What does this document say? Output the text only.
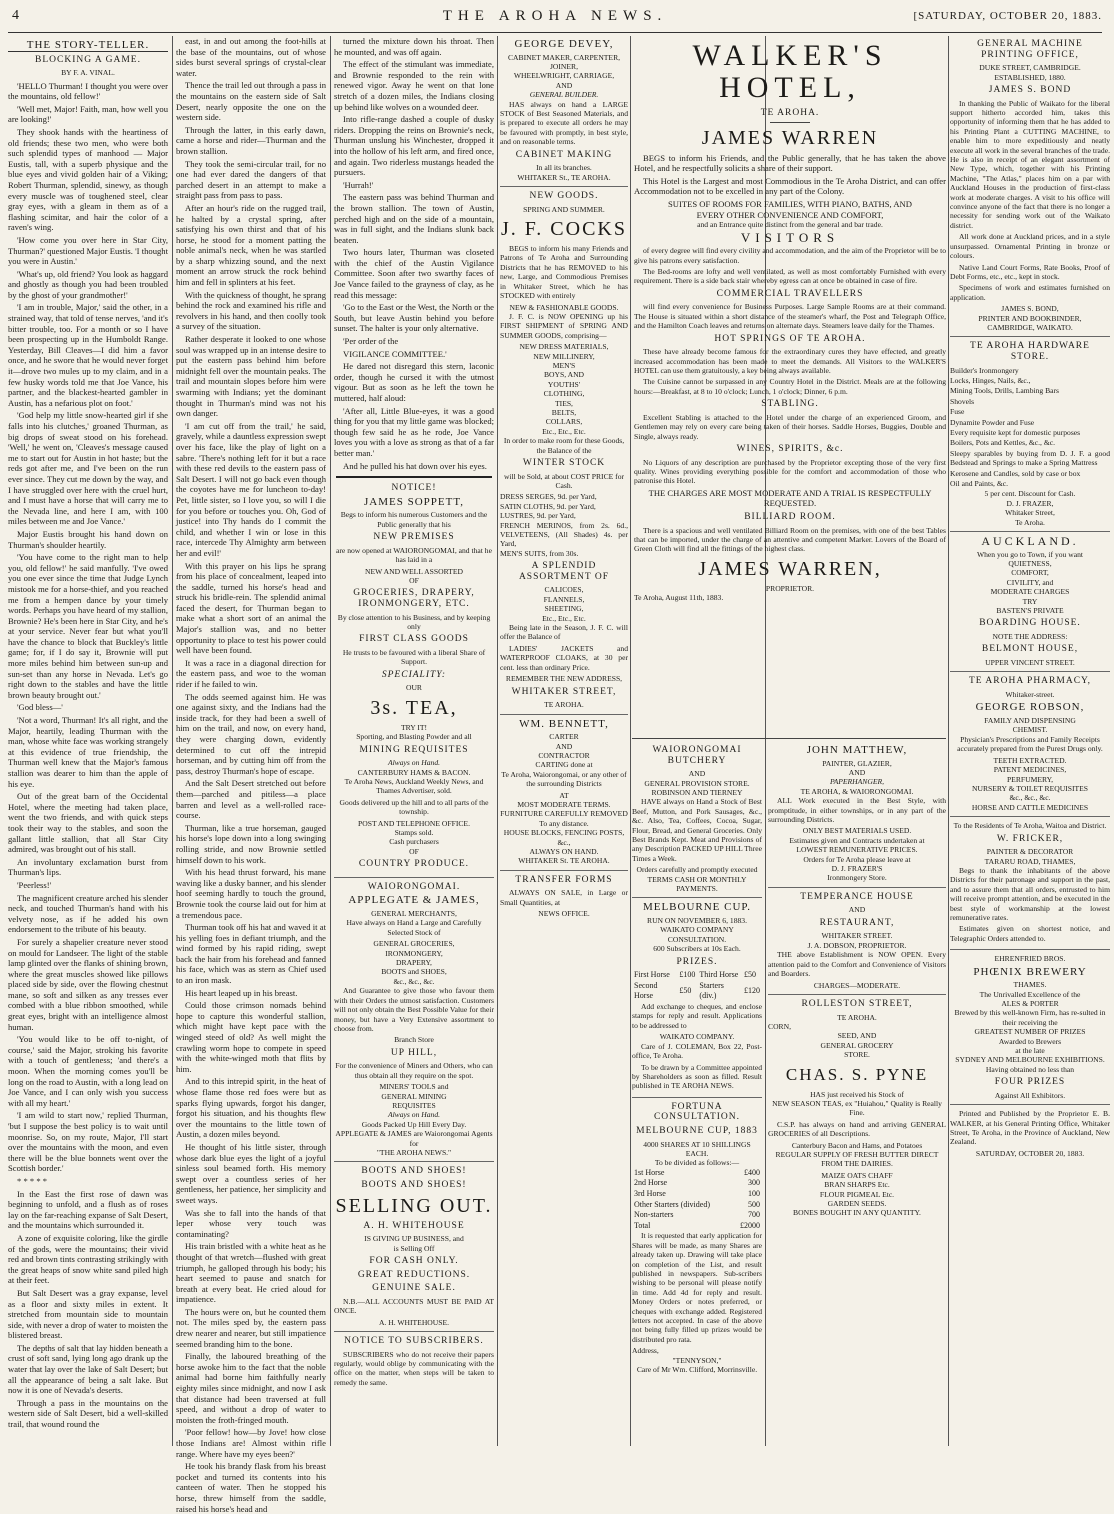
4	THE AROHA NEWS.	[SATURDAY, OCTOBER 20, 1883.
THE STORY-TELLER.
BLOCKING A GAME.
BY F. A. VINAL.

'HELLO Thurman! I thought you were over the mountains, old fellow!'

'Well met, Major! Faith, man, how well you are looking!'

They shook hands with the heartiness of old friends; these two men, who were both such splendid types of manhood — Major Eustis, tall, with a superb physique and the blue eyes and vivid golden hair of a Viking; Robert Thurman, splendid, sinewy, as though every muscle was of toughened steel, clear gray eyes, with a gleam in them as of a flashing scimitar, and hair the color of a raven's wing.

'How come you over here in Star City, Thurman?' questioned Major Eustis. 'I thought you were in Austin.'

'What's up, old friend? You look as haggard and ghostly as though you had been troubled by the ghost of your grandmother!'

'I am in trouble, Major,' said the other, in a strained way, that told of tense nerves, 'and it's bitter trouble, too. For a month or so I have been prospecting up in the Humboldt Range. Yesterday, Bill Cleaves—I did him a favor once, and he swore that he would never forget it—drove two mules up to my claim, and in a few husky words told me that Joe Vance, his partner, and the blackest-hearted gambler in Austin, has a nefarious plot on foot.'

'God help my little snow-hearted girl if she falls into his clutches,' groaned Thurman, as big drops of sweat stood on his forehead. 'Well,' he went on, 'Cleaves's message caused me to start out for Austin in hot haste; but the reds got after me, and I've been on the run ever since. They cut me down by the way, and I have struggled over here with the cruel hurt, and I must have a horse that will carry me to the Nevada line, and here I am, with 100 miles between me and Joe Vance.'

Major Eustis brought his hand down on Thurman's shoulder heartily.

'You have come to the right man to help you, old fellow!' he said manfully. 'I've owed you one ever since the time that Judge Lynch mistook me for a horse-thief, and you reached me from a hempen dance by your timely words. Perhaps you have heard of my stallion, Brownie? He's been here in Star City, and he's at your service. Never fear but what you'll have the chance to block that Buckley's little game; for, if I do say it, Brownie will put more miles behind him between sun-up and sun-set than any horse in Nevada. Let's go right down to the stables and have the little brown beauty brought out.'

'God bless—'

'Not a word, Thurman! It's all right, and the Major, heartily, leading Thurman with the man, whose white face was working strangely at this evidence of true friendship, the Thurman well knew that the Major's famous stallion was dearer to him than the apple of his eye.

Out of the great barn of the Occidental Hotel, where the meeting had taken place, went the two friends, and with quick steps took their way to the stables, and soon the gallant little stallion, that all Star City admired, was brought out of his stall.

An involuntary exclamation burst from Thurman's lips.

'Peerless!'

The magnificent creature arched his slender neck, and touched Thurman's hand with his velvety nose, as if he added his own endorsement to the tribute of his beauty.

For surely a shapelier creature never stood on mould for Landseer. The light of the stable lamp glinted over the flanks of shining brown, where the great muscles showed like pillows placed side by side, over the flowing chestnut mane, so soft and silken as any tresses ever combed with a blue ribbon smoothed, while great eyes, bright with an intelligence almost human.

'You would like to be off to-night, of course,' said the Major, stroking his favorite with a touch of gentleness; 'and there's a moon. When the morning comes you'll be long on the road to Austin, with a long lead on Joe Vance, and I can only wish you success with all my heart.'

'I am wild to start now,' replied Thurman, 'but I suppose the best policy is to wait until moonrise. So, on my route, Major, I'll start over the mountains with the moon, and even there will be the blue bonnets went over the Scottish border.'

* * * * *

In the East the first rose of dawn was beginning to unfold, and a flush as of roses lay on the far-reaching expanse of Salt Desert, and the mountains which surrounded it.

A zone of exquisite coloring, like the girdle of the gods, were the mountains; their vivid red and brown tints contrasting strikingly with the great heaps of snow white sand piled high at their feet.

But Salt Desert was a gray expanse, level as a floor and sixty miles in extent. It stretched from mountain side to mountain side, with never a drop of water to moisten the blistered breast.

The depths of salt that lay hidden beneath a crust of soft sand, lying long ago drank up the water that lay over the lake of Salt Desert; but all the appearance of being a salt lake. But now it is one of Nevada's deserts.

Through a pass in the mountains on the western side of Salt Desert, bid a well-skilled trail, that wound round the

east, in and out among the foot-hills at the base of the mountains, out of whose sides burst several springs of crystal-clear water.

Thence the trail led out through a pass in the mountains on the eastern side of Salt Desert, nearly opposite the one on the western side.

Through the latter, in this early dawn, came a horse and rider—Thurman and the brown stallion.

They took the semi-circular trail, for no one had ever dared the dangers of that parched desert in an attempt to make a straight pass from pass to pass.

After an hour's ride on the rugged trail, he halted by a crystal spring, after satisfying his own thirst and that of his horse, he stood for a moment patting the noble animal's neck, when he was startled by a sharp whizzing sound, and the next moment an arrow struck the rock behind him and fell in splinters at his feet.

With the quickness of thought, he sprang behind the rock and examined his rifle and revolvers in his hand, and then coolly took a survey of the situation.

Rather desperate it looked to one whose soul was wrapped up in an intense desire to put the eastern pass behind him before midnight fell over the mountain peaks. The trail and mountain slopes before him were swarming with Indians; yet the dominant thought in Thurman's mind was not his own danger.

'I am cut off from the trail,' he said, gravely, while a dauntless expression swept over his face, like the play of light on a sabre. 'There's nothing left for it but a race with these red devils to the eastern pass of Salt Desert. I will not go back even though the coyotes have me for luncheon to-day! Pet, little sister, so I love you, so will I die for you before or touches you. Oh, God of justice! into Thy hands do I commit the child, and whether I win or lose in this race, intercede Thy Almighty arm between her and evil!'

With this prayer on his lips he sprang from his place of concealment, leaped into the saddle, turned his horse's head and struck his bridle-rein. The splendid animal faced the desert, for Thurman began to make what a short sort of an animal the Major's stallion was, and no better opportunity to place to test his power could well have been found.

It was a race in a diagonal direction for the eastern pass, and woe to the woman rider if he failed to win.

The odds seemed against him. He was one against sixty, and the Indians had the inside track, for they had been a swell of him on the trail, and now, on every hand, they were charging down, evidently determined to cut off the intrepid horseman, and by cutting him off from the pass, destroy Thurman's hope of escape.

And the Salt Desert stretched out before them—parched and pitiless—a place barren and level as a well-rolled race-course.

Thurman, like a true horseman, gauged his horse's lope down into a long swinging rolling stride, and now Brownie settled himself down to his work.

With his head thrust forward, his mane waving like a dusky banner, and his slender hoof seeming hardly to touch the ground, Brownie took the course laid out for him at a tremendous pace.

Thurman took off his hat and waved it at his yelling foes in defiant triumph, and the wind formed by his rapid riding, swept back the hair from his forehead and fanned his face, which was as stern as Chief used to an iron mask.

His heart leaped up in his breast.

Could those crimson nomads behind hope to capture this wonderful stallion, which might have kept pace with the winged steed of old? As well might the crawling worm hope to compete in speed with the white-winged moth that flits by him.

And to this intrepid spirit, in the heat of whose flame those red foes were but as sparks flying upwards, forgot his danger, forgot his situation, and his thoughts flew over the mountains to the little town of Austin, a dozen miles beyond.

He thought of his little sister, through whose dark blue eyes the light of a joyful sinless soul beamed forth. His memory swept over a countless series of her gentleness, her patience, her simplicity and sweet ways.

Was she to fall into the hands of that leper whose very touch was contaminating?

His train bristled with a white heat as he thought of that wretch—flushed with great triumph, he galloped through his body; his heart seemed to pause and snatch for breath at every beat. He cried aloud for impatience.

The hours were on, but he counted them not. The miles sped by, the eastern pass drew nearer and nearer, but still impatience seemed branding him to the bone.

Finally, the laboured breathing of the horse awoke him to the fact that the noble animal had borne him faithfully nearly eighty miles since midnight, and now I ask that distance had been traversed at full speed, and without a drop of water to moisten the froth-fringed mouth.

'Poor fellow! how—by Jove! how close those Indians are! Almost within rifle range. Where have my eyes been?'

He took his brandy flask from his breast pocket and turned its contents into his canteen of water. Then he stopped his horse, threw himself from the saddle, raised his horse's head and

turned the mixture down his throat. Then he mounted, and was off again.

The effect of the stimulant was immediate, and Brownie responded to the rein with renewed vigor. Away he went on that lone stretch of a dozen miles, the Indians closing up behind like wolves on a wounded deer.

Into rifle-range dashed a couple of dusky riders. Dropping the reins on Brownie's neck, Thurman unslung his Winchester, dropped it into the hollow of his left arm, and fired once, and again. Two riderless mustangs headed the pursuers.

'Hurrah!'

The eastern pass was behind Thurman and the brown stallion. The town of Austin, perched high and on the side of a mountain, was in full sight, and the Indians slunk back beaten.

Two hours later, Thurman was closeted with the chief of the Austin Vigilance Committee. Soon after two swarthy faces of Joe Vance failed to the grayness of clay, as he read this message:

'Go to the East or the West, the North or the South, but leave Austin behind you before sunset. The halter is your only alternative.

'Per order of the

VIGILANCE COMMITTEE.'

He dared not disregard this stern, laconic order, though he cursed it with the utmost vigour. But as soon as he left the town he muttered, half aloud:

'After all, Little Blue-eyes, it was a good thing for you that my little game was blocked; though few said he as he rode, Joe Vance loves you with a love as strong as that of a far better man.'

And he pulled his hat down over his eyes.

NOTICE!
JAMES SOPPETT,

Begs to inform his numerous Customers and the Public generally that his

NEW PREMISES

are now opened at WAIORONGOMAI, and that he has laid in a

NEW AND WELL ASSORTED
OF
GROCERIES, DRAPERY, IRONMONGERY, ETC.

By close attention to his Business, and by keeping only

FIRST CLASS GOODS

He trusts to be favoured with a liberal Share of Support.

SPECIALITY:
OUR
3s. TEA,
TRY IT!

Sporting, and Blasting Powder and all

MINING REQUISITES
Always on Hand.
CANTERBURY HAMS & BACON.

Te Aroha News, Auckland Weekly News, and Thames Advertiser, sold.

Goods delivered up the hill and to all parts of the township.

POST AND TELEPHONE OFFICE.
Stamps sold.
Cash purchasers
OF
COUNTRY PRODUCE.
WAIORONGOMAI.
APPLEGATE & JAMES,
GENERAL MERCHANTS,

Have always on Hand a Large and Carefully Selected Stock of

GENERAL GROCERIES,
IRONMONGERY,
DRAPERY,
BOOTS and SHOES,
&c., &c., &c.

And Guarantee to give those who favour them with their Orders the utmost satisfaction. Customers will not only obtain the Best Possible Value for their money, but have a Very Extensive assortment to choose from.

Branch Store
UP HILL,

For the convenience of Miners and Others, who can thus obtain all they require on the spot.

MINERS' TOOLS and
GENERAL MINING
REQUISITES
Always on Hand.
Goods Packed Up Hill Every Day.
APPLEGATE & JAMES are Waiorongomai Agents for
"THE AROHA NEWS."
BOOTS AND SHOES!
BOOTS AND SHOES!
SELLING OUT.
A. H. WHITEHOUSE
IS GIVING UP BUSINESS, and
is Selling Off
FOR CASH ONLY.
GREAT REDUCTIONS.
GENUINE SALE.

N.B.—ALL ACCOUNTS MUST BE PAID AT ONCE.

A. H. WHITEHOUSE.
NOTICE TO SUBSCRIBERS.

SUBSCRIBERS who do not receive their papers regularly, would oblige by communicating with the office on the matter, when steps will be taken to remedy the same.

GEORGE DEVEY,
CABINET MAKER, CARPENTER,
JOINER,
WHEELWRIGHT, CARRIAGE,
AND
GENERAL BUILDER.

HAS always on hand a LARGE STOCK of Best Seasoned Materials, and is prepared to execute all orders he may be favoured with promptly, in best style, and on reasonable terms.

CABINET MAKING
In all its branches.
WHITAKER St., TE AROHA.
NEW GOODS.
SPRING AND SUMMER.
J. F. COCKS

BEGS to inform his many Friends and Patrons of Te Aroha and Surrounding Districts that he has REMOVED to his new, Large, and Commodious Premises in Whitaker Street, which he has STOCKED with entirely

NEW & FASHIONABLE GOODS.

J. F. C. is NOW OPENING up his FIRST SHIPMENT of SPRING AND SUMMER GOODS, comprising—

NEW DRESS MATERIALS,
NEW MILLINERY,
MEN'S
BOYS, AND
YOUTHS'
CLOTHING,
TIES,
BELTS,
COLLARS,
Etc., Etc., Etc.

In order to make room for these Goods, the Balance of the

WINTER STOCK

will be Sold, at about COST PRICE for Cash.

DRESS SERGES, 9d. per Yard,
SATIN CLOTHS, 9d. per Yard,
LUSTRES, 9d. per Yard,
FRENCH MERINOS, from 2s. 6d., VELVETEENS, (All Shades) 4s. per Yard,
MEN'S SUITS, from 30s.
A SPLENDID ASSORTMENT OF
CALICOES,
FLANNELS,
SHEETING,
Etc., Etc., Etc.

Being late in the Season, J. F. C. will offer the Balance of

LADIES' JACKETS and WATERPROOF CLOAKS, at 30 per cent. less than ordinary Price.

REMEMBER THE NEW ADDRESS,
WHITAKER STREET,
TE AROHA.
WM. BENNETT,
CARTER
AND
CONTRACTOR
CARTING done at

Te Aroha, Waiorongomai, or any other of the surrounding Districts

AT
MOST MODERATE TERMS.
FURNITURE CAREFULLY REMOVED
To any distance.
HOUSE BLOCKS, FENCING POSTS, &c.,
ALWAYS ON HAND.
WHITAKER St. TE AROHA.
TRANSFER FORMS

ALWAYS ON SALE, in Large or Small Quantities, at

NEWS OFFICE.
WALKER'S HOTEL,
TE AROHA.
JAMES WARREN

BEGS to inform his Friends, and the Public generally, that he has taken the above Hotel, and he respectfully solicits a share of their support.

This Hotel is the Largest and most Commodious in the Te Aroha District, and can offer Accommodation not to be excelled in any part of the Colony.

SUITES OF ROOMS FOR FAMILIES, WITH PIANO, BATHS, AND
EVERY OTHER CONVENIENCE AND COMFORT,
and an Entrance quite distinct from the general and bar trade.
VISITORS

of every degree will find every civility and accommodation, and the aim of the Proprietor will be to give his patrons every satisfaction.

The Bed-rooms are lofty and well ventilated, as well as most comfortably Furnished with every requirement. There is a side back stair whereby egress can at once be obtained in case of fire.

COMMERCIAL TRAVELLERS

will find every convenience for Business Purposes. Large Sample Rooms are at their command. The House is situated within a short distance of the steamer's wharf, the Post and Telegraph Office, and the Hamilton Coach leaves and returns on alternate days. Steamers leave daily for the Thames.

HOT SPRINGS OF TE AROHA.

These have already become famous for the extraordinary cures they have effected, and greatly increased accommodation has been made to meet the demands. All Visitors to the WALKER'S HOTEL can use them gratuitously, a key being always available.

The Cuisine cannot be surpassed in any Country Hotel in the District. Meals are at the following hours:—Breakfast, at 8 to 10 o'clock; Lunch, 1 o'clock; Dinner, 6 p.m.

STABLING.

Excellent Stabling is attached to the Hotel under the charge of an experienced Groom, and Gentlemen may rely on every care being taken of their horses. Saddle Horses, Buggies, Double and Single, always ready.

WINES, SPIRITS, &c.

No Liquors of any description are purchased by the Proprietor excepting those of the very first quality. Wines providing everything possible for the comfort and accommodation of those who patronise this Hotel.

THE CHARGES ARE MOST MODERATE AND A TRIAL IS RESPECTFULLY REQUESTED.
BILLIARD ROOM.

There is a spacious and well ventilated Billiard Room on the premises, with one of the best Tables that can be imported, under the charge of an attentive and competent Marker. Lovers of the Board of Green Cloth will find all the fittings of the highest class.

JAMES WARREN,
PROPRIETOR.
Te Aroha, August 11th, 1883.
WAIORONGOMAI BUTCHERY
AND
GENERAL PROVISION STORE.
ROBINSON AND TIERNEY

HAVE always on Hand a Stock of Best Beef, Mutton, and Pork Sausages, &c., &c. Also, Tea, Coffees, Cocoa, Sugar, Flour, Bread, and General Groceries. Only Best Brands Kept. Meat and Provisions of any Description PACKED UP HILL Three Times a Week.

Orders carefully and promptly executed
TERMS CASH OR MONTHLY PAYMENTS.
MELBOURNE CUP.
RUN ON NOVEMBER 6, 1883.
WAIKATO COMPANY CONSULTATION.
600 Subscribers at 10s Each.
PRIZES.
First Horse	£100	Third Horse	£50
Second Horse	£50	Starters (div.)	£120

Add exchange to cheques, and enclose stamps for reply and result. Applications to be addressed to

WAIKATO COMPANY.

Care of J. COLEMAN, Box 22, Post-office, Te Aroha.

To be drawn by a Committee appointed by Shareholders as soon as filled. Result published in TE AROHA NEWS.

FORTUNA CONSULTATION.
MELBOURNE CUP, 1883
4000 SHARES AT 10 SHILLINGS EACH.
To be divided as follows:—
1st Horse	£400
2nd Horse	300
3rd Horse	100
Other Starters (divided)	500
Non-starters	700
Total	£2000

It is requested that early application for Shares will be made, as many Shares are already taken up. Drawing will take place on completion of the List, and result published in newspapers. Sub-scribers wishing to be personal will please notify in time. Add 4d for reply and result. Money Orders or notes preferred, or cheques with exchange added. Registered letters not accepted. In case of the above not being fully filled up prizes would be distributed pro rata.

Address,
"TENNYSON,"
Care of Mr Wm. Clifford, Morrinsville.
JOHN MATTHEW,
PAINTER, GLAZIER,
AND
PAPERHANGER,
TE AROHA, & WAIORONGOMAI.

ALL Work executed in the Best Style, with promptitude, in either townships, or in any part of the surrounding Districts.

ONLY BEST MATERIALS USED.
Estimates given and Contracts undertaken at
LOWEST REMUNERATIVE PRICES.
Orders for Te Aroha please leave at
D. J. FRAZER'S
Ironmongery Store.
TEMPERANCE HOUSE
AND
RESTAURANT,
WHITAKER STREET.
J. A. DOBSON, PROPRIETOR.

THE above Establishment is NOW OPEN. Every attention paid to the Comfort and Convenience of Visitors and Boarders.

CHARGES—MODERATE.
ROLLESTON STREET,
TE AROHA.
CORN,
SEED, AND
GENERAL GROCERY
STORE.
CHAS. S. PYNE
HAS just received his Stock of

NEW SEASON TEAS, ex "Huiahou," Quality is Really Fine.

C.S.P. has always on hand and arriving GENERAL GROCERIES of all Descriptions.

Canterbury Bacon and Hams, and Potatoes

REGULAR SUPPLY OF FRESH BUTTER DIRECT FROM THE DAIRIES.

MAIZE OATS CHAFF
BRAN SHARPS Etc.
FLOUR PIGMEAL Etc.
GARDEN SEEDS.
BONES BOUGHT IN ANY QUANTITY.
GENERAL MACHINE PRINTING OFFICE,
DUKE STREET, CAMBRIDGE.
ESTABLISHED, 1880.
JAMES S. BOND

In thanking the Public of Waikato for the liberal support hitherto accorded him, takes this opportunity of informing them that he has added to his Printing Plant a CUTTING MACHINE, to enable him to more expeditiously and neatly execute all work in the several branches of the trade. He is also in receipt of an elegant assortment of New Type, which, together with his Printing Machine, "The Atlas," places him on a par with Auckland Houses in the production of first-class work at moderate charges. A visit to his office will convince anyone of the fact that there is no longer a necessity for sending work out of the Waikato district.

All work done at Auckland prices, and in a style unsurpassed. Ornamental Printing in bronze or colours.

Native Land Court Forms, Rate Books, Proof of Debt Forms, etc., etc., kept in stock.

Specimens of work and estimates furnished on application.

JAMES S. BOND,
PRINTER AND BOOKBINDER,
CAMBRIDGE, WAIKATO.
TE AROHA HARDWARE STORE.

Builder's Ironmongery

Locks, Hinges, Nails, &c.,

Mining Tools, Drills, Lambing Bars

Shovels

Fuse

Dynamite Powder and Fuse

Every requisite kept for domestic purposes

Boilers, Pots and Kettles, &c., &c.

Sleepy sparables by buying from D. J. F. a good Bedstead and Springs to make a Spring Mattress

Kerosene and Candles, sold by case or box

Oil and Paints, &c.

5 per cent. Discount for Cash.
D. J. FRAZER,
Whitaker Street,
Te Aroha.
AUCKLAND.
When you go to Town, if you want
QUIETNESS,
COMFORT,
CIVILITY, and
MODERATE CHARGES
TRY
BASTEN'S PRIVATE
BOARDING HOUSE.
NOTE THE ADDRESS:
BELMONT HOUSE,
UPPER VINCENT STREET.
TE AROHA PHARMACY,
Whitaker-street.
GEORGE ROBSON,
FAMILY AND DISPENSING
CHEMIST.

Physician's Prescriptions and Family Receipts accurately prepared from the Purest Drugs only.

TEETH EXTRACTED.
PATENT MEDICINES,
PERFUMERY,
NURSERY & TOILET REQUISITES
&c., &c., &c.
HORSE AND CATTLE MEDICINES
To the Residents of Te Aroha, Waitoa and District.
W. FRICKER,
PAINTER & DECORATOR
TARARU ROAD, THAMES,

Begs to thank the inhabitants of the above Districts for their patronage and support in the past, and to assure them that all orders, entrusted to him will receive prompt attention, and be executed in the best style of workmanship at the lowest remunerative rates.

Estimates given on shortest notice, and Telegraphic Orders attended to.

EHRENFRIED BROS.
PHŒNIX BREWERY
THAMES.
The Unrivalled Excellence of the
ALES & PORTER
Brewed by this well-known Firm, has re-sulted in their receiving the
GREATEST NUMBER OF PRIZES
Awarded to Brewers
at the late
SYDNEY AND MELBOURNE EXHIBITIONS.
Having obtained no less than
FOUR PRIZES
Against All Exhibitors.

Printed and Published by the Proprietor E. B. WALKER, at his General Printing Office, Whitaker Street, Te Aroha, in the Province of Auckland, New Zealand.

SATURDAY, OCTOBER 20, 1883.
